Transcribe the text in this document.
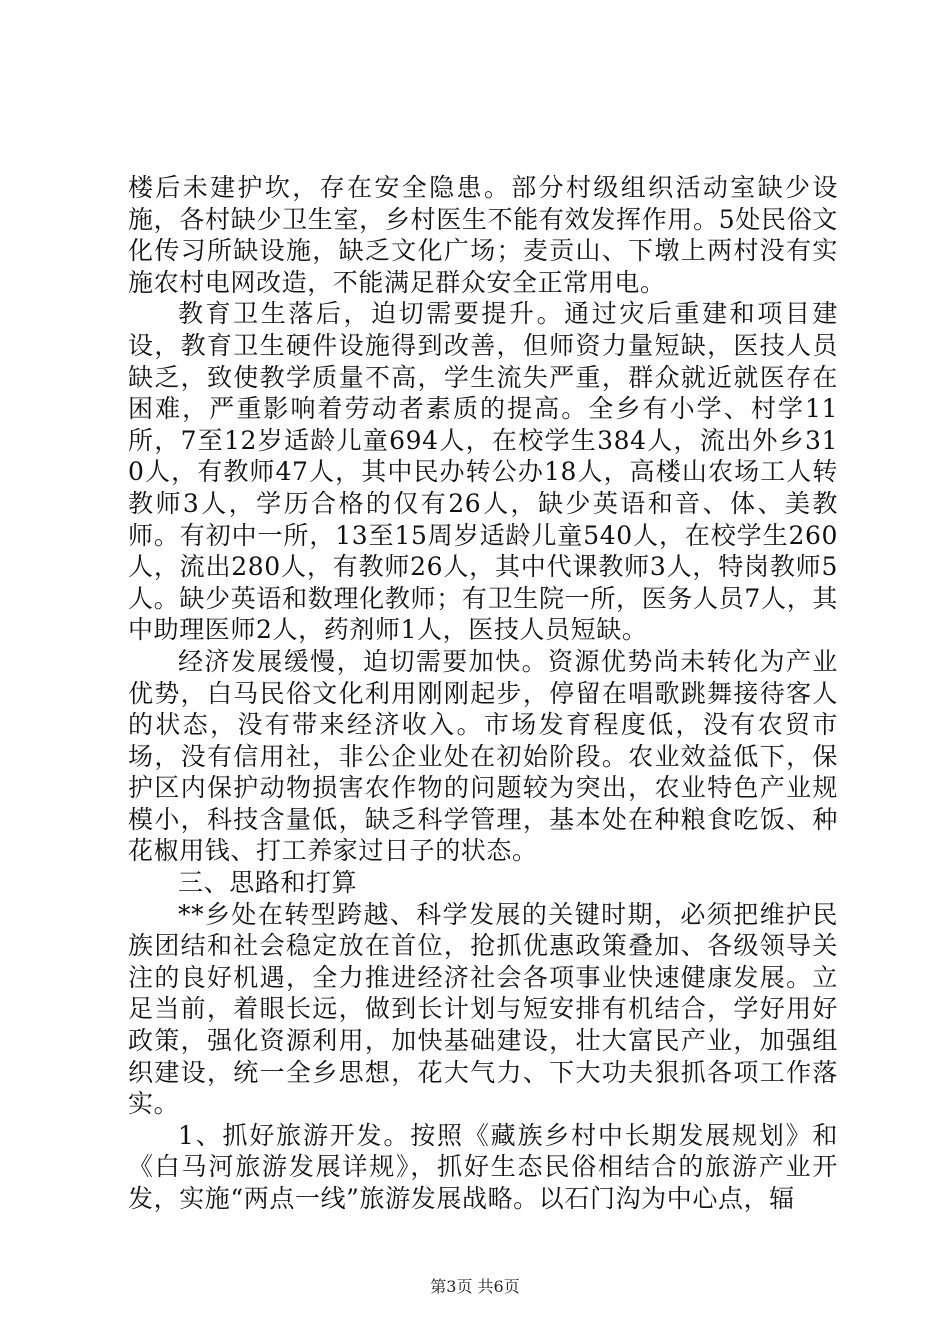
楼后未建护坎，存在安全隐患。部分村级组织活动室缺少设施，各村缺少卫生室，乡村医生不能有效发挥作用。5处民俗文化传习所缺设施，缺乏文化广场；麦贡山、下墩上两村没有实施农村电网改造，不能满足群众安全正常用电。

教育卫生落后，迫切需要提升。通过灾后重建和项目建设，教育卫生硬件设施得到改善，但师资力量短缺，医技人员缺乏，致使教学质量不高，学生流失严重，群众就近就医存在困难，严重影响着劳动者素质的提高。全乡有小学、村学11所，7至12岁适龄儿童694人，在校学生384人，流出外乡310人，有教师47人，其中民办转公办18人，高楼山农场工人转教师3人，学历合格的仅有26人，缺少英语和音、体、美教师。有初中一所，13至15周岁适龄儿童540人，在校学生260人，流出280人，有教师26人，其中代课教师3人，特岗教师5人。缺少英语和数理化教师；有卫生院一所，医务人员7人，其中助理医师2人，药剂师1人，医技人员短缺。

经济发展缓慢，迫切需要加快。资源优势尚未转化为产业优势，白马民俗文化利用刚刚起步，停留在唱歌跳舞接待客人的状态，没有带来经济收入。市场发育程度低，没有农贸市场，没有信用社，非公企业处在初始阶段。农业效益低下，保护区内保护动物损害农作物的问题较为突出，农业特色产业规模小，科技含量低，缺乏科学管理，基本处在种粮食吃饭、种花椒用钱、打工养家过日子的状态。

三、思路和打算

**乡处在转型跨越、科学发展的关键时期，必须把维护民族团结和社会稳定放在首位，抢抓优惠政策叠加、各级领导关注的良好机遇，全力推进经济社会各项事业快速健康发展。立足当前，着眼长远，做到长计划与短安排有机结合，学好用好政策，强化资源利用，加快基础建设，壮大富民产业，加强组织建设，统一全乡思想，花大气力、下大功夫狠抓各项工作落实。

1、抓好旅游开发。按照《藏族乡村中长期发展规划》和《白马河旅游发展详规》，抓好生态民俗相结合的旅游产业开发，实施“两点一线”旅游发展战略。以石门沟为中心点，辐

第3页 共6页
